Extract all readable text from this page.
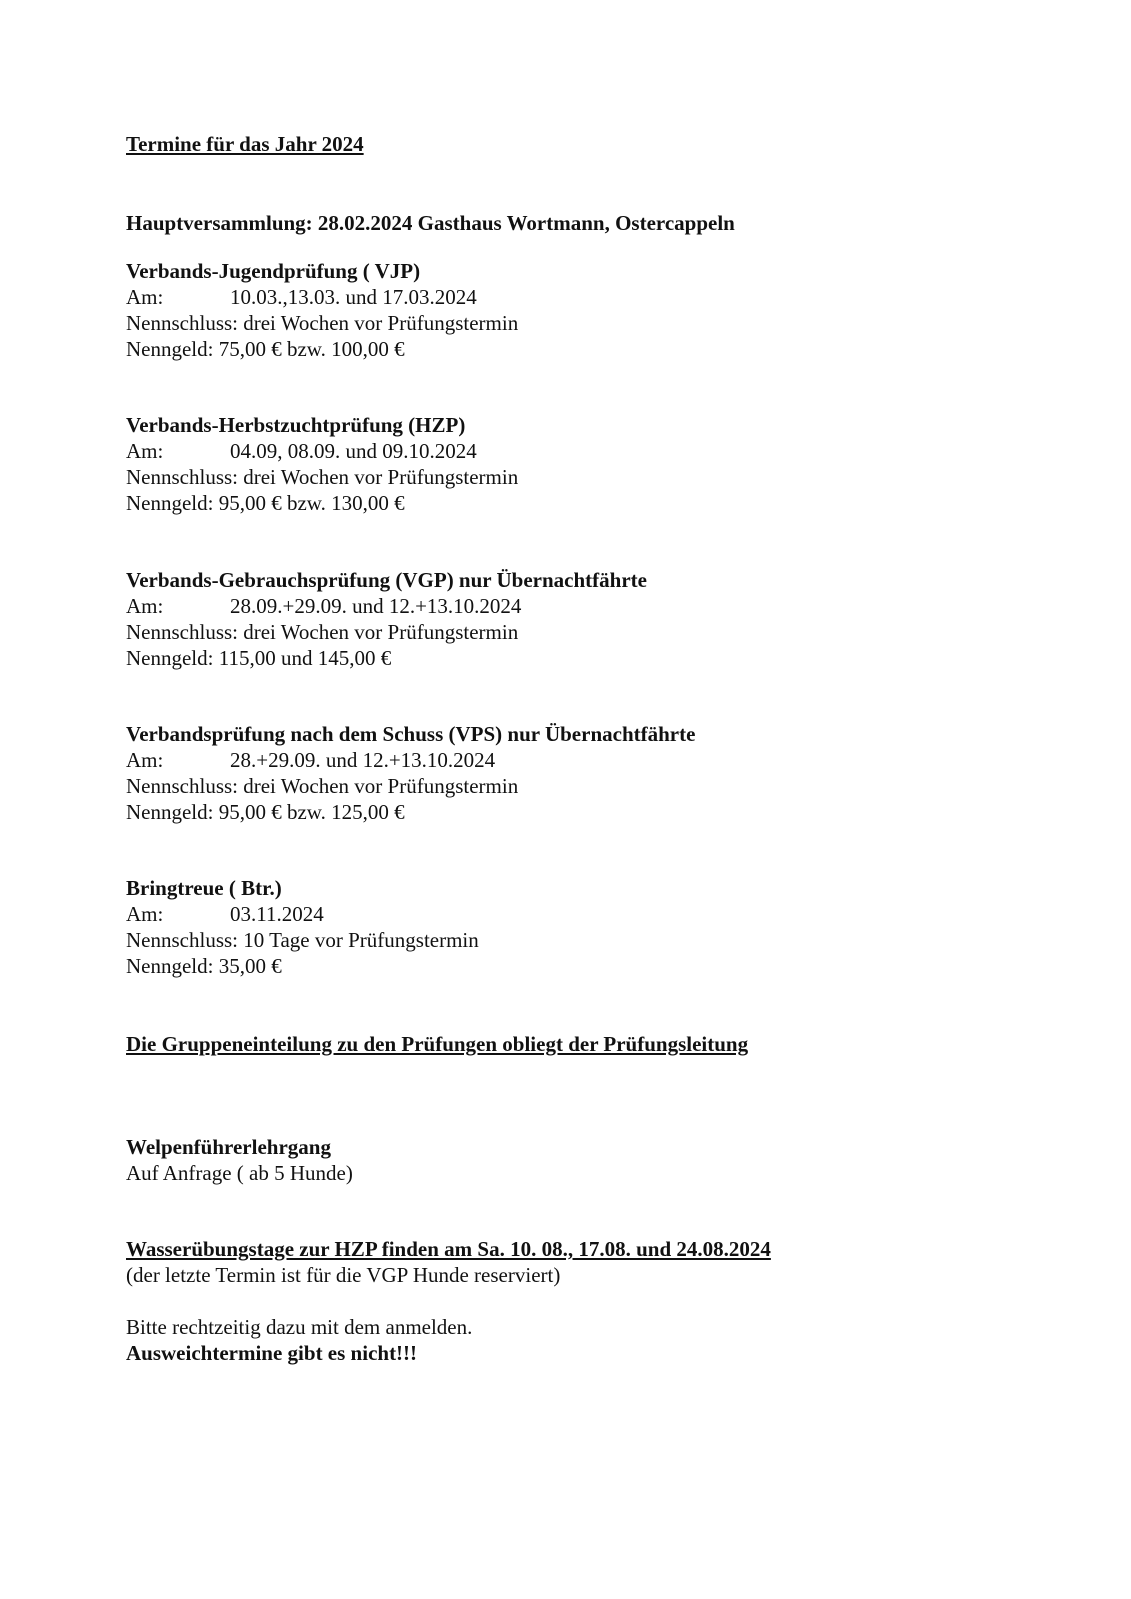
Termine für das Jahr 2024
Hauptversammlung: 28.02.2024 Gasthaus Wortmann, Ostercappeln
Verbands-Jugendprüfung ( VJP)
Am:	10.03.,13.03. und 17.03.2024
Nennschluss: drei Wochen vor Prüfungstermin
Nenngeld: 75,00 € bzw. 100,00 €
Verbands-Herbstzuchtprüfung (HZP)
Am:	04.09, 08.09. und 09.10.2024
Nennschluss: drei Wochen vor Prüfungstermin
Nenngeld: 95,00 € bzw. 130,00 €
Verbands-Gebrauchsprüfung (VGP) nur Übernachtfährte
Am:	28.09.+29.09. und 12.+13.10.2024
Nennschluss: drei Wochen vor Prüfungstermin
Nenngeld: 115,00 und 145,00 €
Verbandsprüfung nach dem Schuss (VPS) nur Übernachtfährte
Am:	28.+29.09. und 12.+13.10.2024
Nennschluss: drei Wochen vor Prüfungstermin
Nenngeld: 95,00 € bzw. 125,00 €
Bringtreue ( Btr.)
Am:	03.11.2024
Nennschluss: 10 Tage vor Prüfungstermin
Nenngeld: 35,00 €
Die Gruppeneinteilung zu den Prüfungen obliegt der Prüfungsleitung
Welpenführerlehrgang
Auf Anfrage ( ab 5 Hunde)
Wasserübungstage zur HZP finden am Sa. 10. 08., 17.08. und 24.08.2024
(der letzte Termin ist für die VGP Hunde reserviert)
Bitte rechtzeitig dazu mit dem anmelden.
Ausweichtermine gibt es nicht!!!
